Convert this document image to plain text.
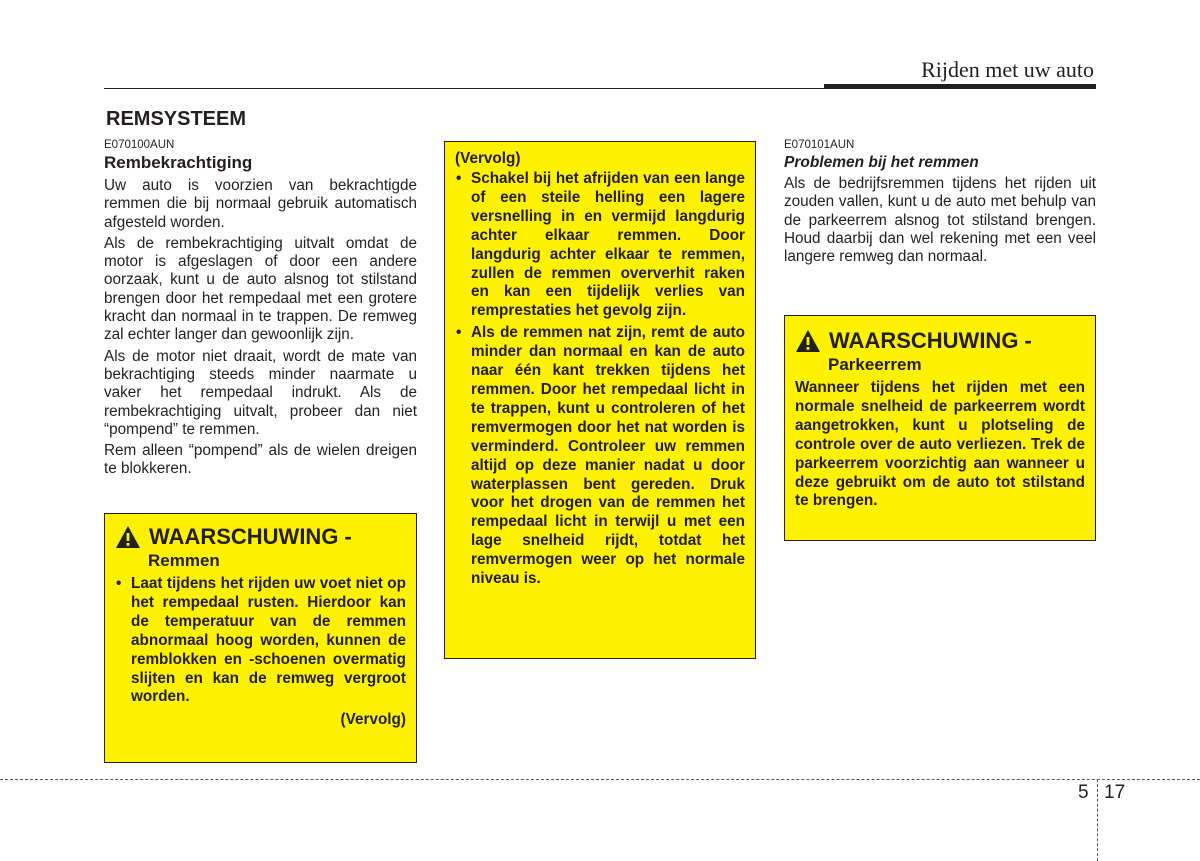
Rijden met uw auto
REMSYSTEEM

E070100AUN

Rembekrachtiging

Uw auto is voorzien van bekrachtigde remmen die bij normaal gebruik automatisch afgesteld worden.

Als de rembekrachtiging uitvalt omdat de motor is afgeslagen of door een andere oorzaak, kunt u de auto alsnog tot stilstand brengen door het rempedaal met een grotere kracht dan normaal in te trappen. De remweg zal echter langer dan gewoonlijk zijn.

Als de motor niet draait, wordt de mate van bekrachtiging steeds minder naarmate u vaker het rempedaal indrukt. Als de rembekrachtiging uitvalt, probeer dan niet “pompend” te remmen.

Rem alleen “pompend” als de wielen dreigen te blokkeren.

WAARSCHUWING -
Remmen
• Laat tijdens het rijden uw voet niet op het rempedaal rusten. Hierdoor kan de temperatuur van de remmen abnormaal hoog worden, kunnen de remblokken en -schoenen overmatig slijten en kan de remweg vergroot worden.

(Vervolg)

(Vervolg)

• Schakel bij het afrijden van een lange of een steile helling een lagere versnelling in en vermijd langdurig achter elkaar remmen. Door langdurig achter elkaar te remmen, zullen de remmen oververhit raken en kan een tijdelijk verlies van remprestaties het gevolg zijn.
• Als de remmen nat zijn, remt de auto minder dan normaal en kan de auto naar één kant trekken tijdens het remmen. Door het rempedaal licht in te trappen, kunt u controleren of het remvermogen door het nat worden is verminderd. Controleer uw remmen altijd op deze manier nadat u door waterplassen bent gereden. Druk voor het drogen van de remmen het rempedaal licht in terwijl u met een lage snelheid rijdt, totdat het remvermogen weer op het normale niveau is.

E070101AUN

Problemen bij het remmen

Als de bedrijfsremmen tijdens het rijden uit zouden vallen, kunt u de auto met behulp van de parkeerrem alsnog tot stilstand brengen. Houd daarbij dan wel rekening met een veel langere remweg dan normaal.

WAARSCHUWING -
Parkeerrem

Wanneer tijdens het rijden met een normale snelheid de parkeerrem wordt aangetrokken, kunt u plotseling de controle over de auto verliezen. Trek de parkeerrem voorzichtig aan wanneer u deze gebruikt om de auto tot stilstand te brengen.

5 17
